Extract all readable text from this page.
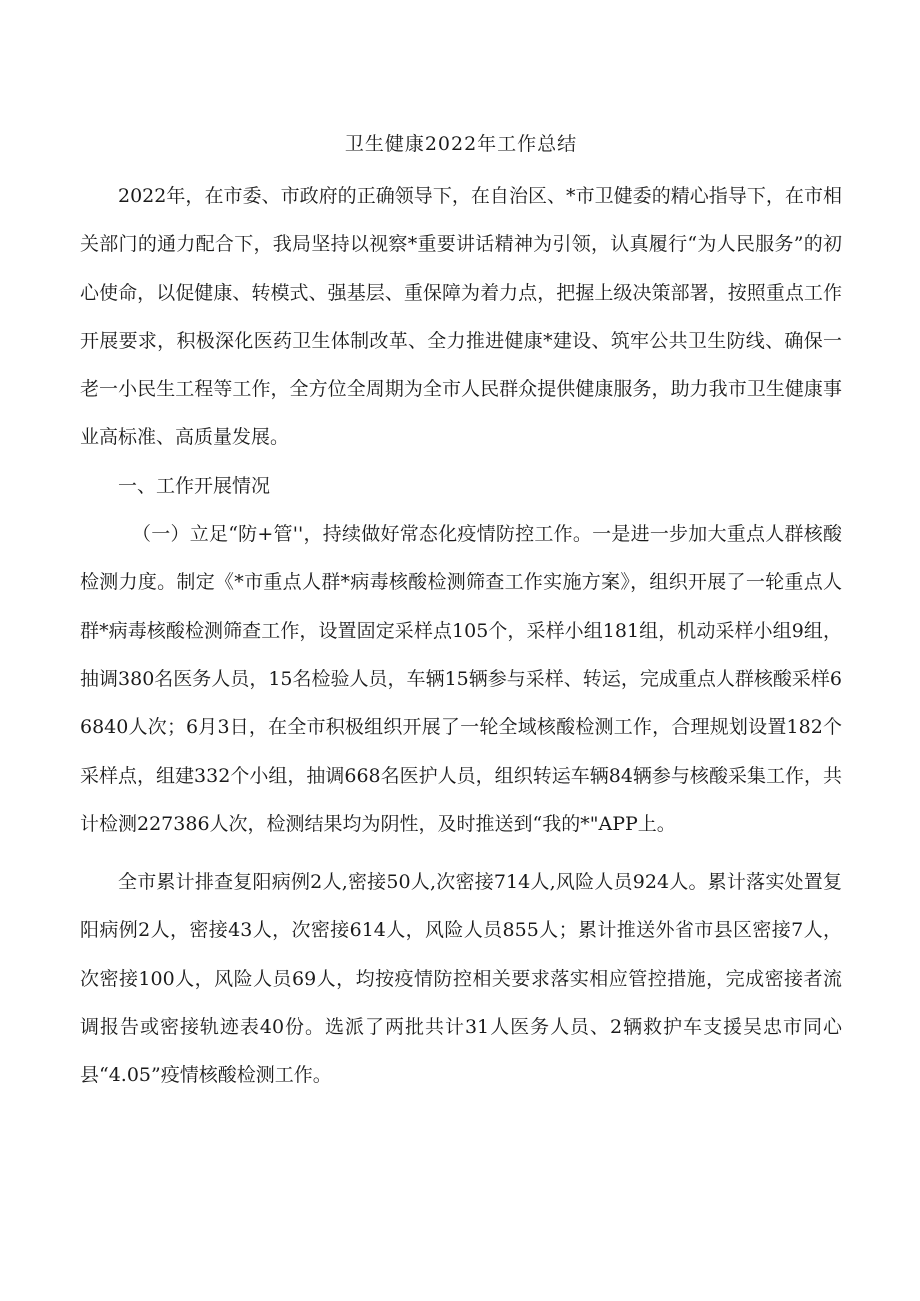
卫生健康2022年工作总结

2022年，在市委、市政府的正确领导下，在自治区、*市卫健委的精心指导下，在市相关部门的通力配合下，我局坚持以视察*重要讲话精神为引领，认真履行“为人民服务”的初心使命，以促健康、转模式、强基层、重保障为着力点，把握上级决策部署，按照重点工作开展要求，积极深化医药卫生体制改革、全力推进健康*建设、筑牢公共卫生防线、确保一老一小民生工程等工作，全方位全周期为全市人民群众提供健康服务，助力我市卫生健康事业高标准、高质量发展。

一、工作开展情况

（一）立足“防+管''，持续做好常态化疫情防控工作。一是进一步加大重点人群核酸检测力度。制定《*市重点人群*病毒核酸检测筛查工作实施方案》，组织开展了一轮重点人群*病毒核酸检测筛查工作，设置固定采样点105个，采样小组181组，机动采样小组9组，抽调380名医务人员，15名检验人员，车辆15辆参与采样、转运，完成重点人群核酸采样66840人次；6月3日，在全市积极组织开展了一轮全域核酸检测工作，合理规划设置182个采样点，组建332个小组，抽调668名医护人员，组织转运车辆84辆参与核酸采集工作，共计检测227386人次，检测结果均为阴性，及时推送到“我的*"APP上。

全市累计排查复阳病例2人,密接50人,次密接714人,风险人员924人。累计落实处置复阳病例2人，密接43人，次密接614人，风险人员855人；累计推送外省市县区密接7人，次密接100人，风险人员69人，均按疫情防控相关要求落实相应管控措施，完成密接者流调报告或密接轨迹表40份。选派了两批共计31人医务人员、2辆救护车支援吴忠市同心县“4.05”疫情核酸检测工作。
